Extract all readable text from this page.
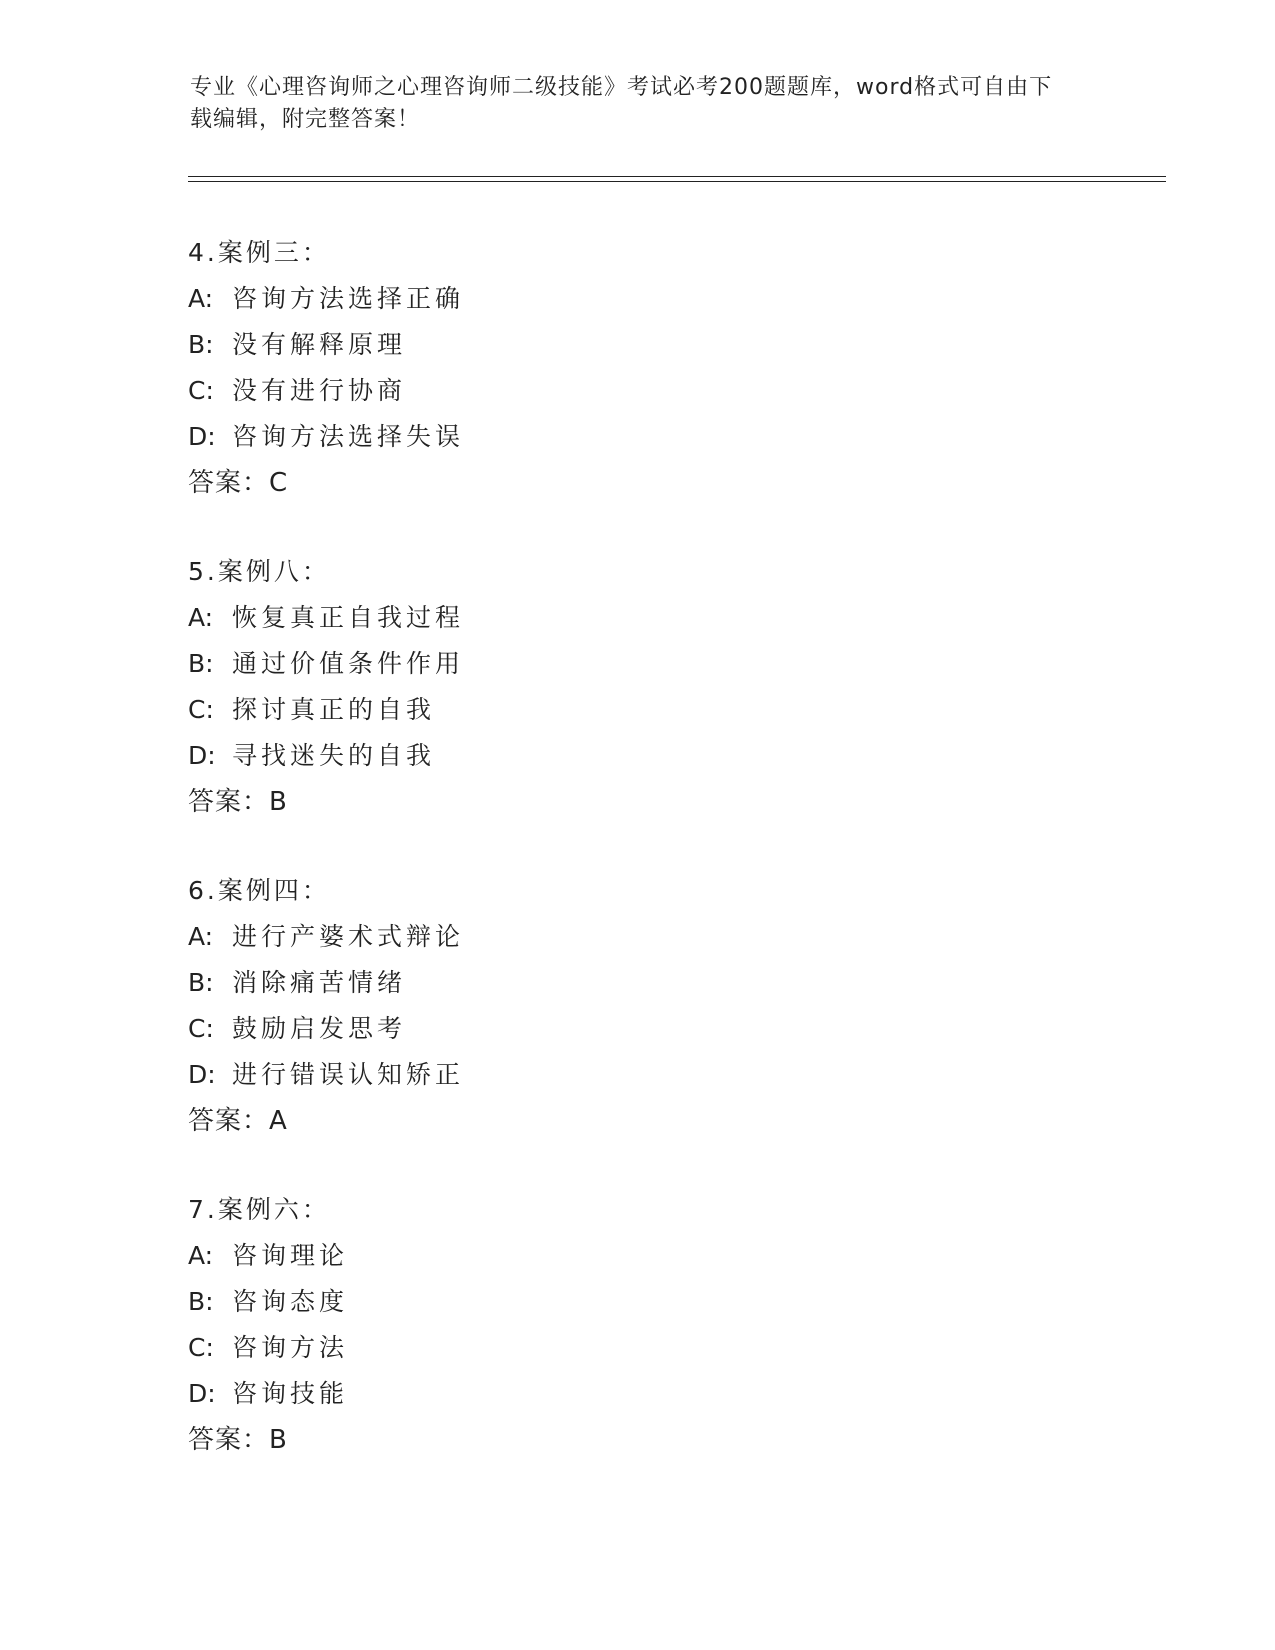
专业《心理咨询师之心理咨询师二级技能》考试必考200题题库，word格式可自由下载编辑，附完整答案！
4.案例三：
A: 咨询方法选择正确
B: 没有解释原理
C: 没有进行协商
D: 咨询方法选择失误
答案：C
5.案例八：
A: 恢复真正自我过程
B: 通过价值条件作用
C: 探讨真正的自我
D: 寻找迷失的自我
答案：B
6.案例四：
A: 进行产婆术式辩论
B: 消除痛苦情绪
C: 鼓励启发思考
D: 进行错误认知矫正
答案：A
7.案例六：
A: 咨询理论
B: 咨询态度
C: 咨询方法
D: 咨询技能
答案：B
